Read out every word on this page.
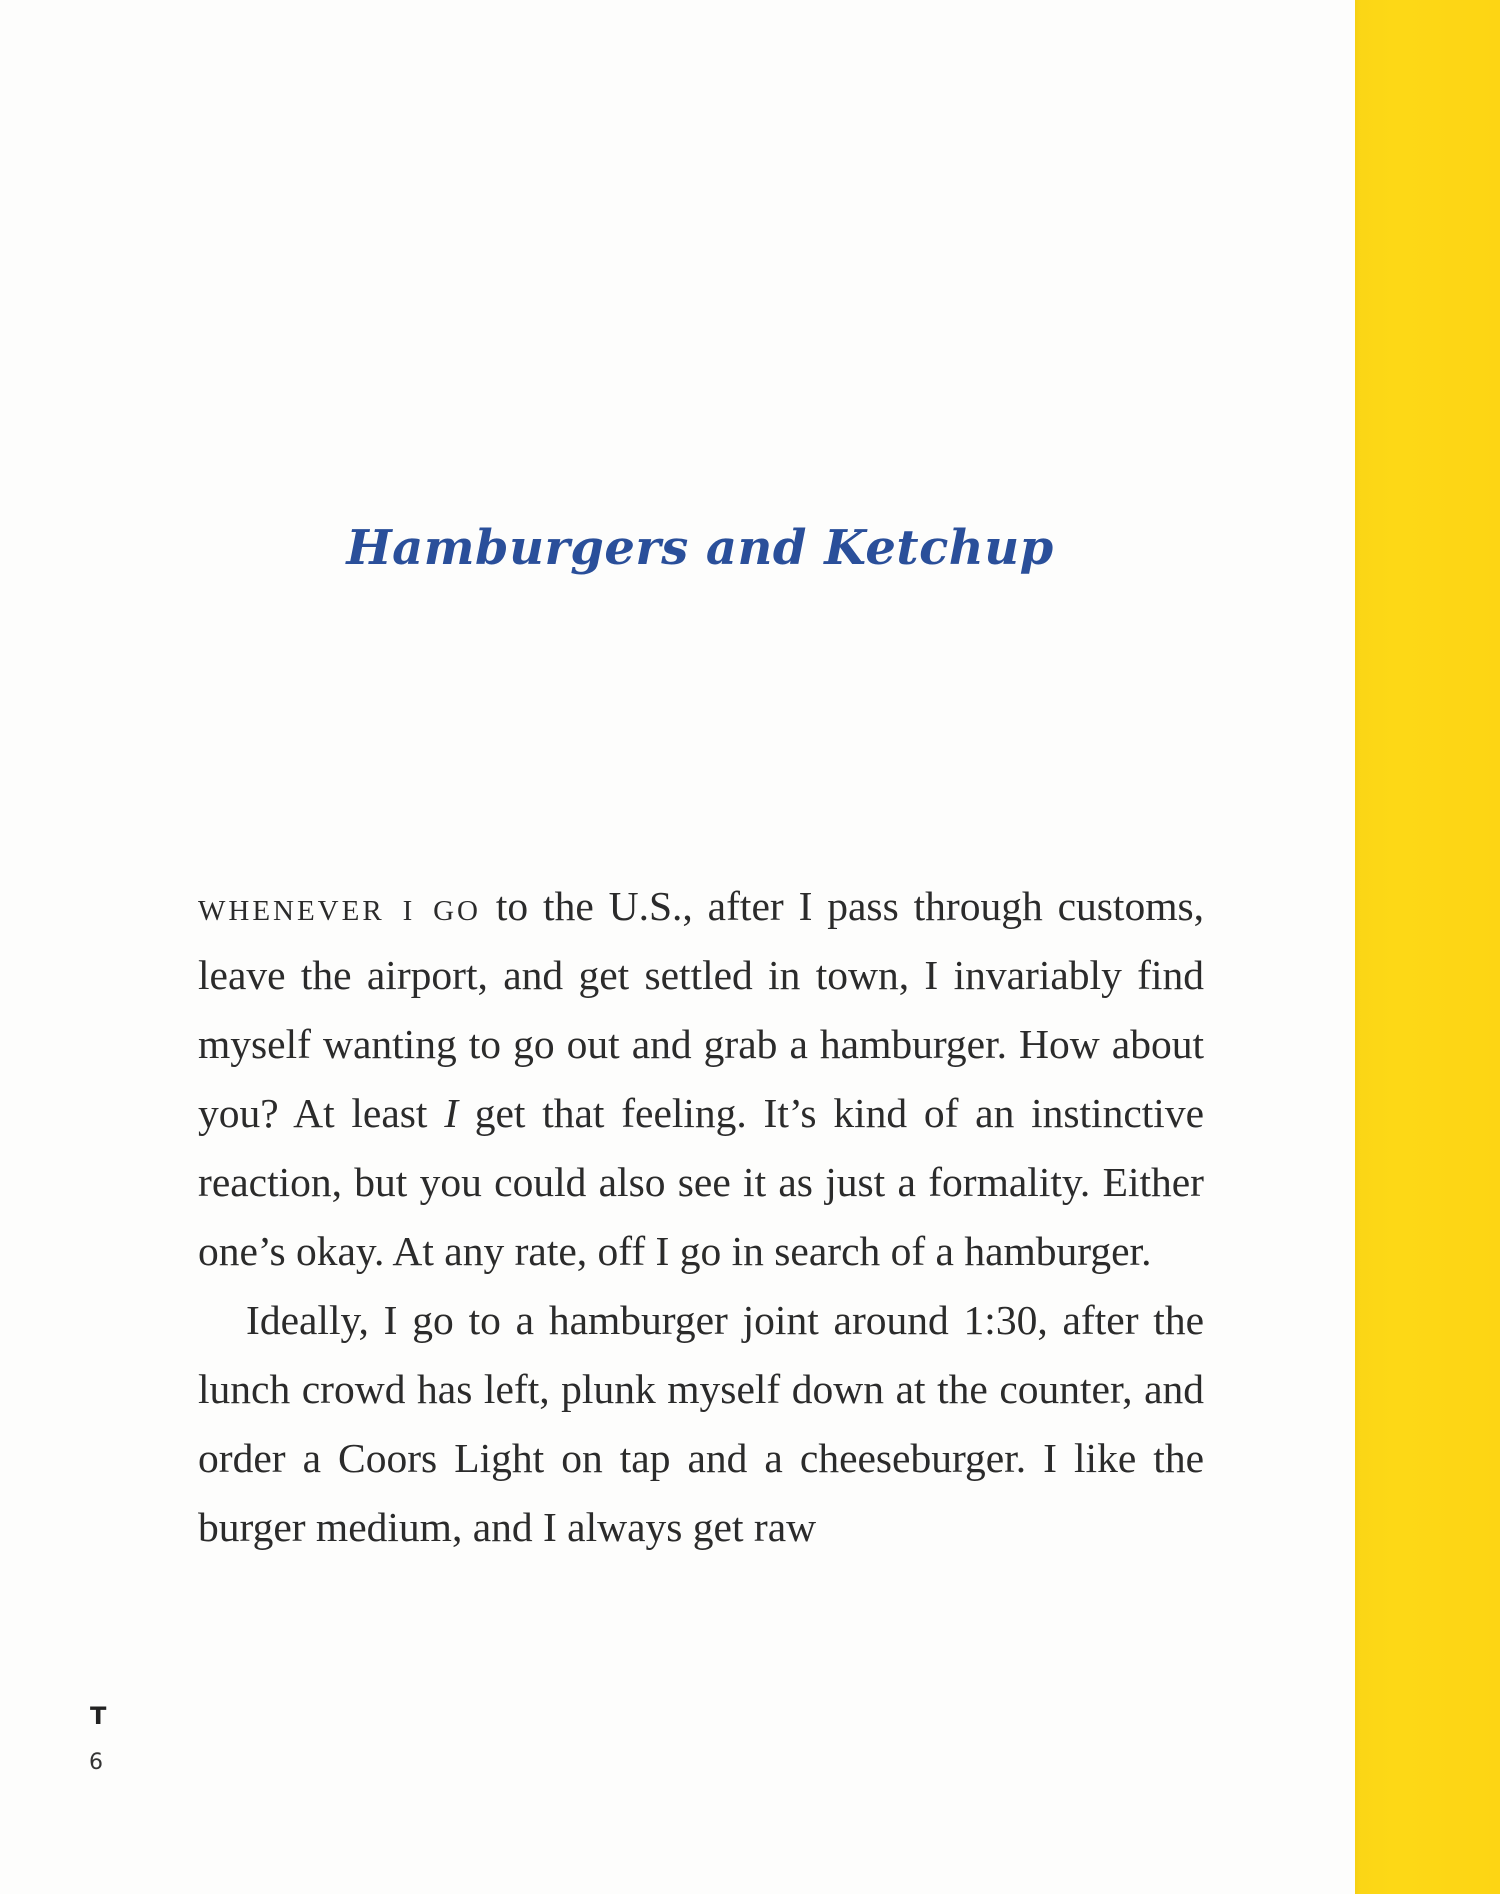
Hamburgers and Ketchup

whenever i go to the U.S., after I pass through customs, leave the airport, and get settled in town, I invariably find myself wanting to go out and grab a hamburger. How about you? At least I get that feeling. It’s kind of an instinctive reaction, but you could also see it as just a formality. Either one’s okay. At any rate, off I go in search of a hamburger.

Ideally, I go to a hamburger joint around 1:30, after the lunch crowd has left, plunk myself down at the counter, and order a Coors Light on tap and a cheeseburger. I like the burger medium, and I always get raw

T
6
